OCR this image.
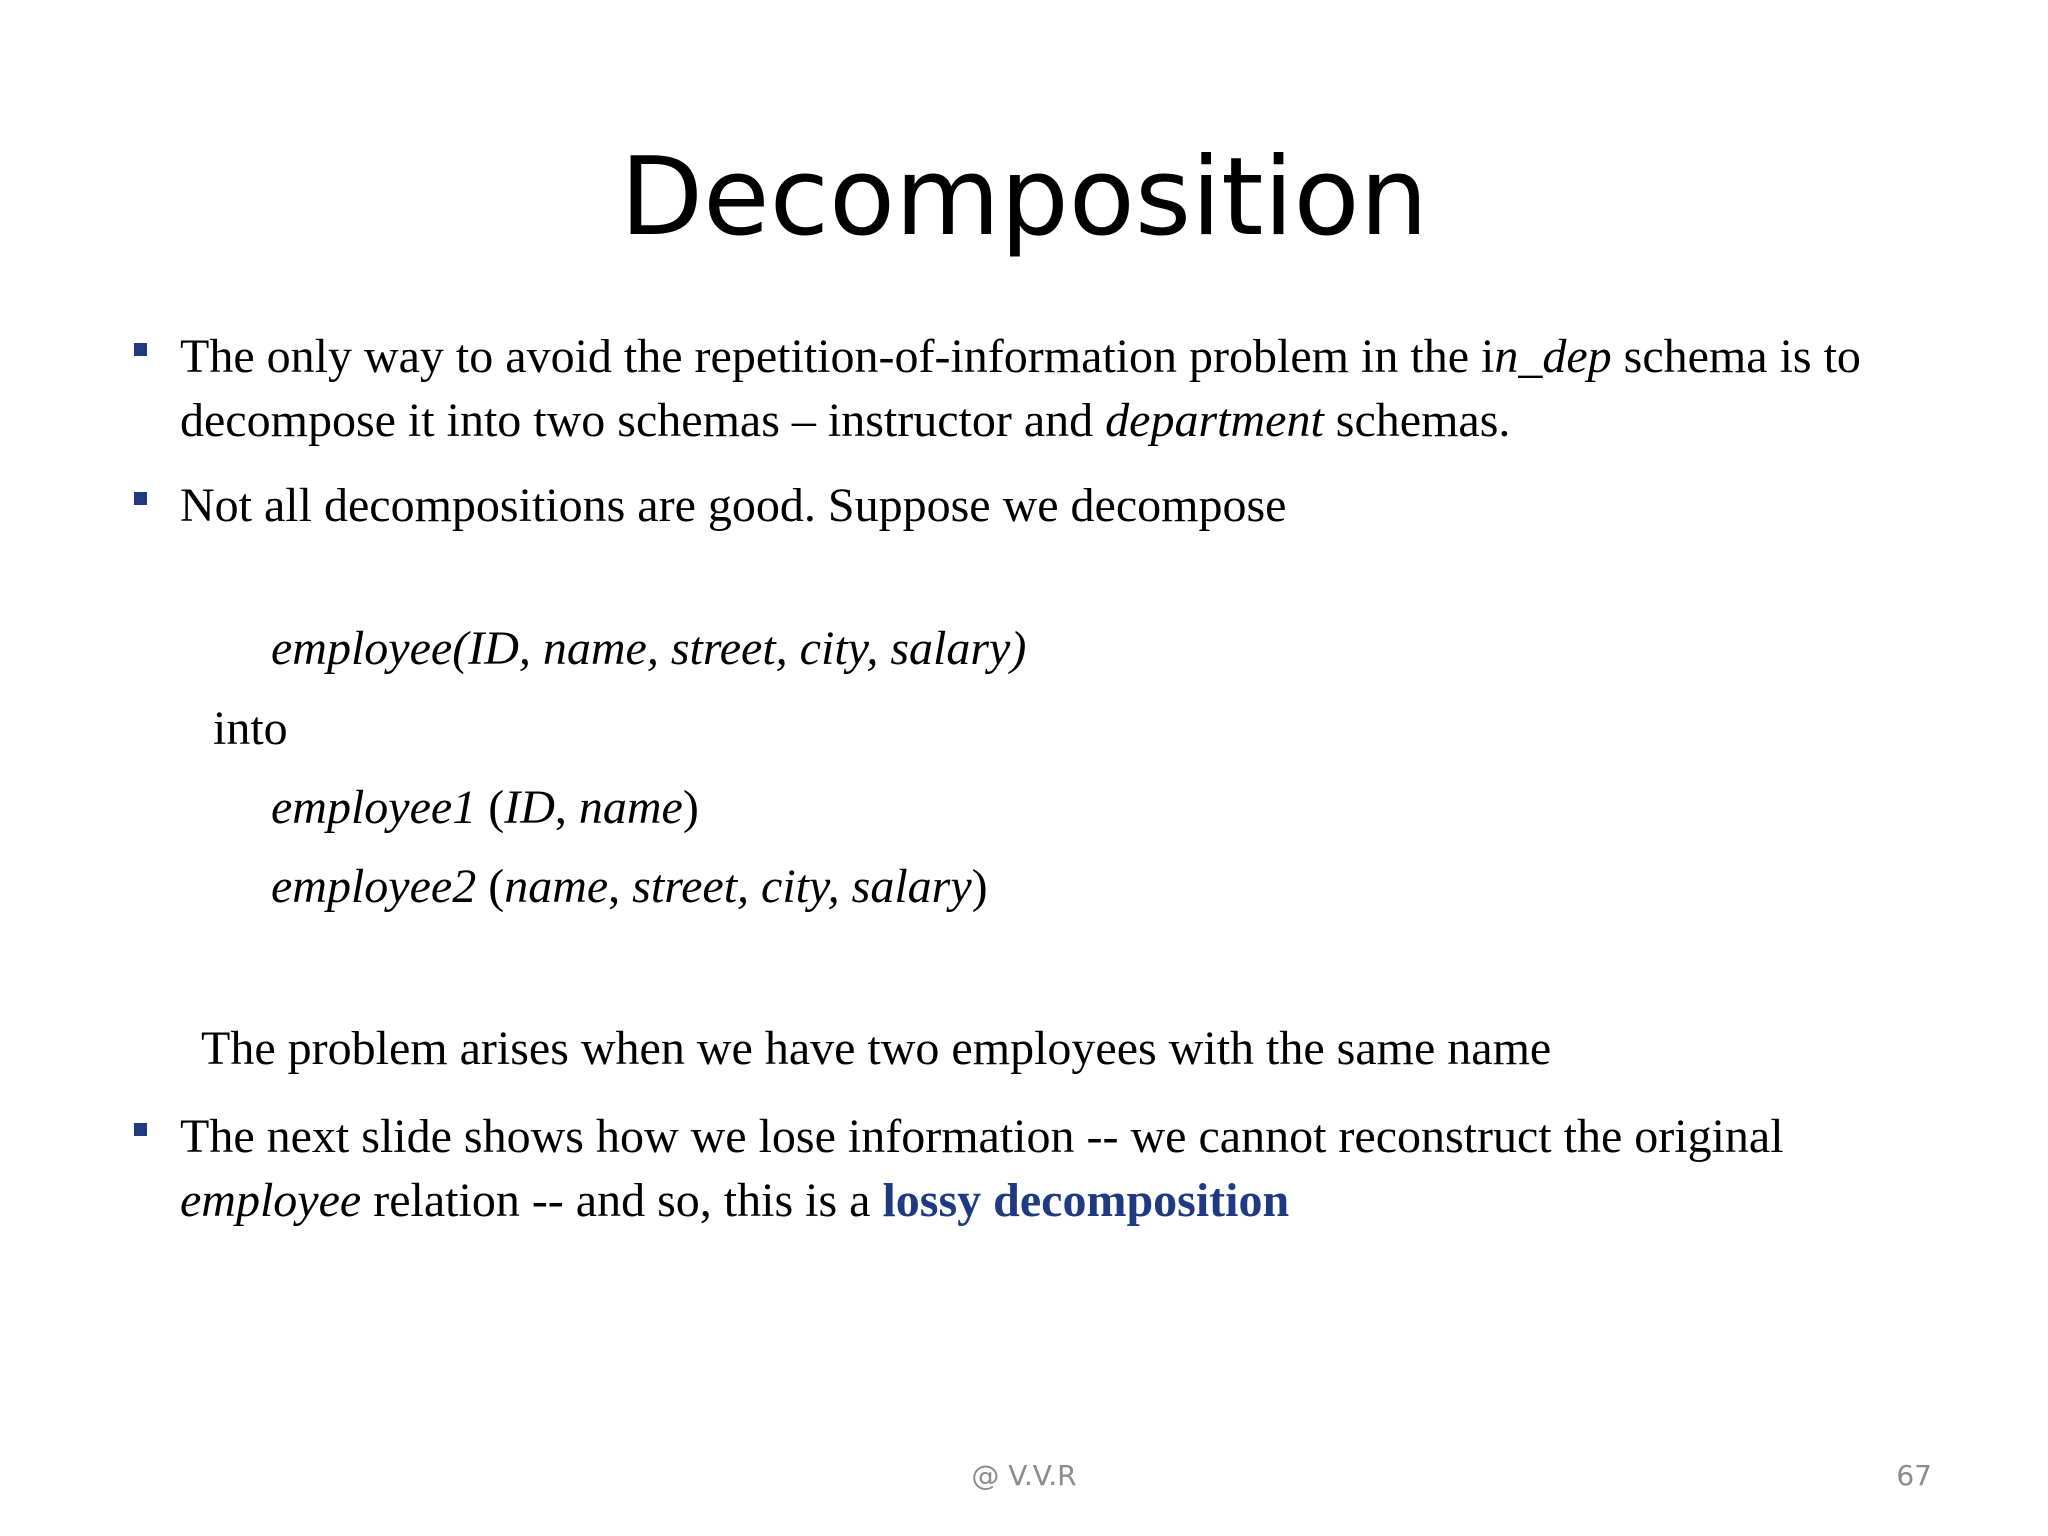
Decomposition
The only way to avoid the repetition-of-information problem in the in_dep schema is to decompose it into two schemas – instructor and department schemas.
Not all decompositions are good. Suppose we decompose
employee(ID, name, street, city, salary)
into
employee1 (ID, name)
employee2 (name, street, city, salary)
The problem arises when we have two employees with the same name
The next slide shows how we lose information -- we cannot reconstruct the original employee relation -- and so, this is a lossy decomposition
@ V.V.R	67
